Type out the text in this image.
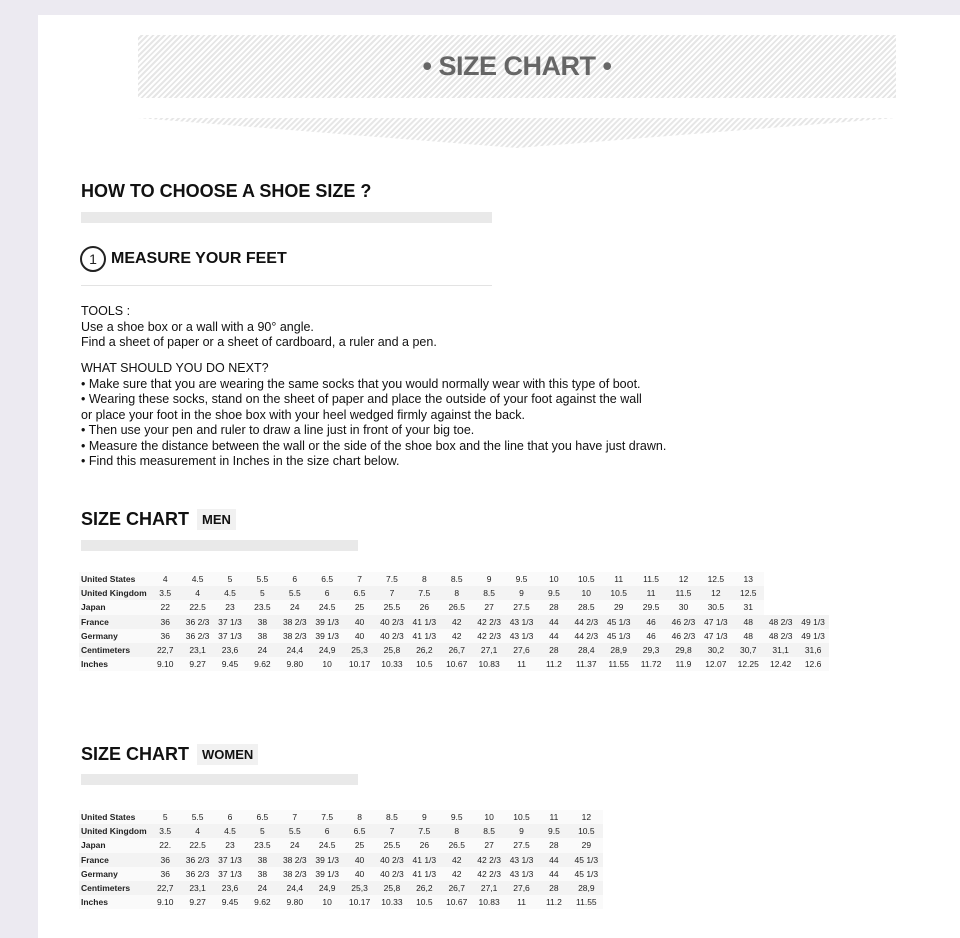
• SIZE CHART •
HOW TO CHOOSE A SHOE SIZE ?
1 MEASURE YOUR FEET
TOOLS :
Use a shoe box or a wall with a 90° angle.
Find a sheet of paper or a sheet of cardboard, a ruler and a pen.
WHAT SHOULD YOU DO NEXT?
• Make sure that you are wearing the same socks that you would normally wear with this type of boot.
• Wearing these socks, stand on the sheet of paper and place the outside of your foot against the wall
or place your foot in the shoe box with your heel wedged firmly against the back.
• Then use your pen and ruler to draw a line just in front of your big toe.
• Measure the distance between the wall or the side of the shoe box and the line that you have just drawn.
• Find this measurement in Inches in the size chart below.
SIZE CHART	MEN
United States	4	4.5	5	5.5	6	6.5	7	7.5	8	8.5	9	9.5	10	10.5	11	11.5	12	12.5	13		
United Kingdom	3.5	4	4.5	5	5.5	6	6.5	7	7.5	8	8.5	9	9.5	10	10.5	11	11.5	12	12.5		
Japan	22	22.5	23	23.5	24	24.5	25	25.5	26	26.5	27	27.5	28	28.5	29	29.5	30	30.5	31		
France	36	36 2/3	37 1/3	38	38 2/3	39 1/3	40	40 2/3	41 1/3	42	42 2/3	43 1/3	44	44 2/3	45 1/3	46	46 2/3	47 1/3	48	48 2/3	49 1/3
Germany	36	36 2/3	37 1/3	38	38 2/3	39 1/3	40	40 2/3	41 1/3	42	42 2/3	43 1/3	44	44 2/3	45 1/3	46	46 2/3	47 1/3	48	48 2/3	49 1/3
Centimeters	22,7	23,1	23,6	24	24,4	24,9	25,3	25,8	26,2	26,7	27,1	27,6	28	28,4	28,9	29,3	29,8	30,2	30,7	31,1	31,6
Inches	9.10	9.27	9.45	9.62	9.80	10	10.17	10.33	10.5	10.67	10.83	11	11.2	11.37	11.55	11.72	11.9	12.07	12.25	12.42	12.6
SIZE CHART	WOMEN
United States	5	5.5	6	6.5	7	7.5	8	8.5	9	9.5	10	10.5	11	12
United Kingdom	3.5	4	4.5	5	5.5	6	6.5	7	7.5	8	8.5	9	9.5	10.5
Japan	22.	22.5	23	23.5	24	24.5	25	25.5	26	26.5	27	27.5	28	29
France	36	36 2/3	37 1/3	38	38 2/3	39 1/3	40	40 2/3	41 1/3	42	42 2/3	43 1/3	44	45 1/3
Germany	36	36 2/3	37 1/3	38	38 2/3	39 1/3	40	40 2/3	41 1/3	42	42 2/3	43 1/3	44	45 1/3
Centimeters	22,7	23,1	23,6	24	24,4	24,9	25,3	25,8	26,2	26,7	27,1	27,6	28	28,9
Inches	9.10	9.27	9.45	9.62	9.80	10	10.17	10.33	10.5	10.67	10.83	11	11.2	11.55
